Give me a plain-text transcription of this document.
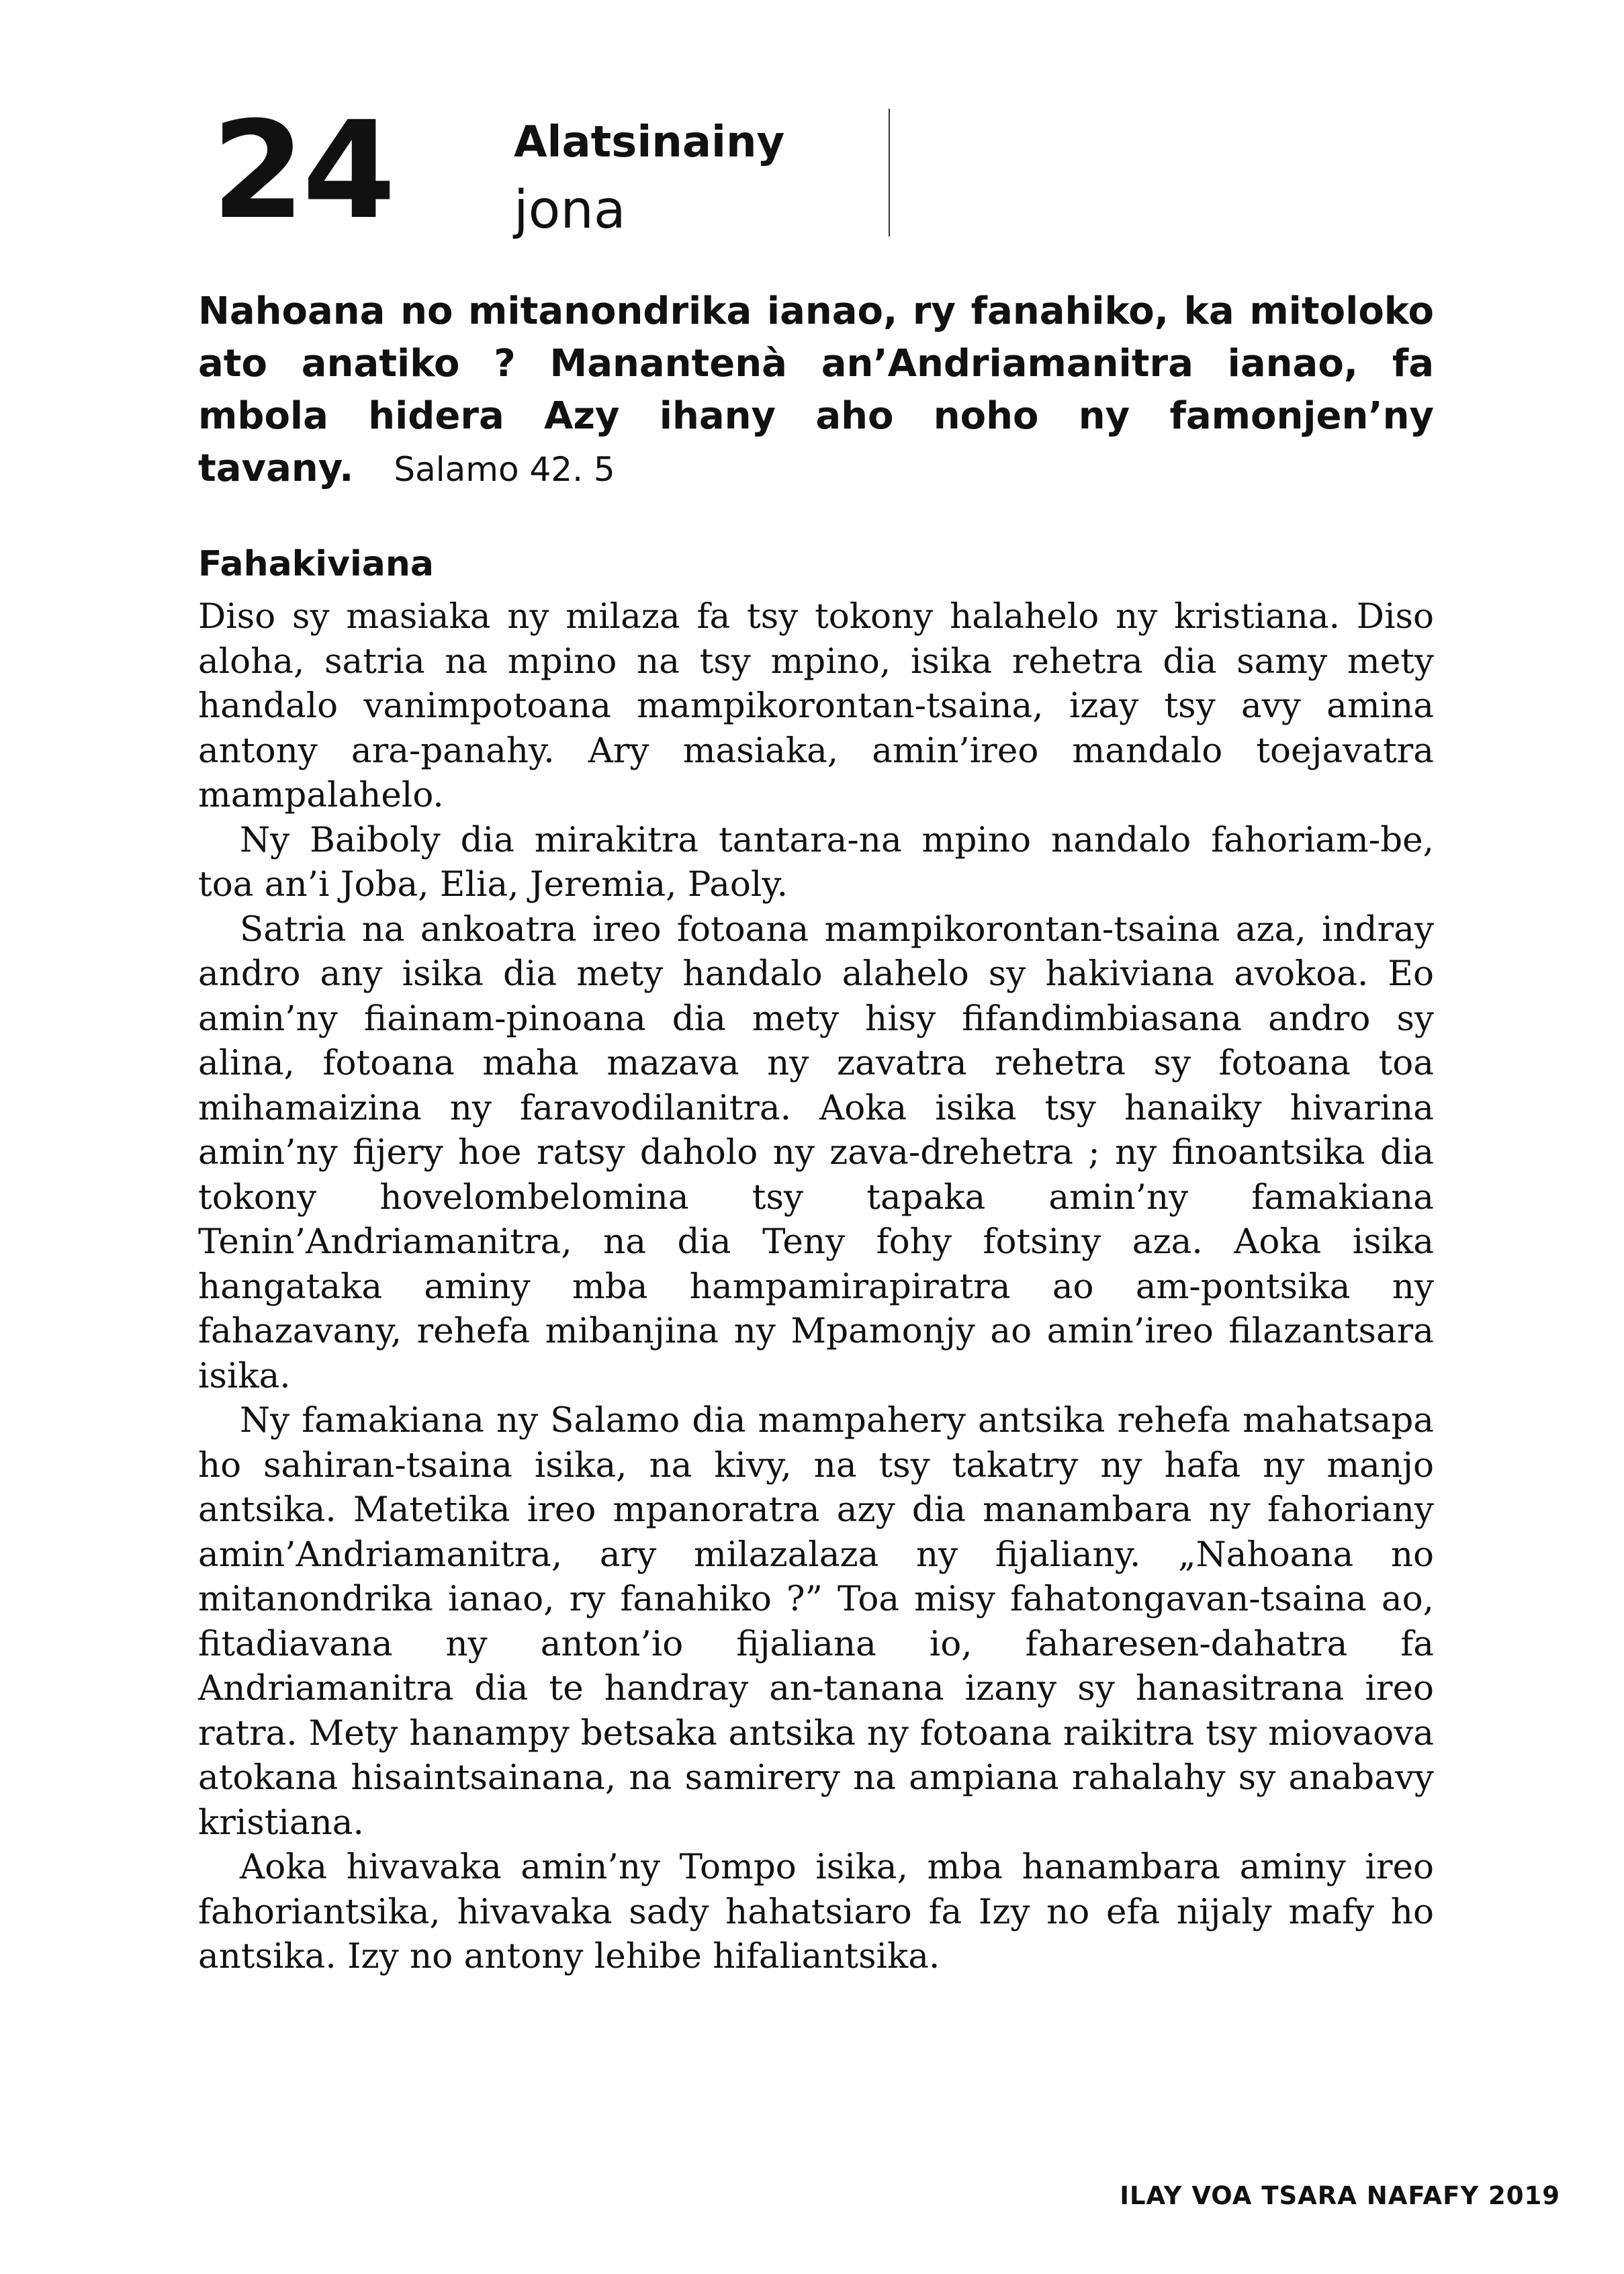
24	Alatsinainy
jona
Nahoana no mitanondrika ianao, ry fanahiko, ka mitoloko ato anatiko ? Manantenà an’Andriamanitra ianao, fa mbola hidera Azy ihany aho noho ny famonjen’ny tavany. Salamo 42. 5
Fahakiviana

Diso sy masiaka ny milaza fa tsy tokony halahelo ny kristiana. Diso aloha, satria na mpino na tsy mpino, isika rehetra dia samy mety handalo vanimpotoana mampikorontan-tsaina, izay tsy avy amina antony ara-panahy. Ary masiaka, amin’ireo mandalo toejavatra mampalahelo.

Ny Baiboly dia mirakitra tantara-na mpino nandalo fahoriam-be, toa an’i Joba, Elia, Jeremia, Paoly.

Satria na ankoatra ireo fotoana mampikorontan-tsaina aza, indray andro any isika dia mety handalo alahelo sy hakiviana avokoa. Eo amin’ny fiainam-pinoana dia mety hisy fifandimbiasana andro sy alina, fotoana maha mazava ny zavatra rehetra sy fotoana toa mihamaizina ny faravodilanitra. Aoka isika tsy hanaiky hivarina amin’ny fijery hoe ratsy daholo ny zava-drehetra ; ny finoantsika dia tokony hovelombelomina tsy tapaka amin’ny famakiana Tenin’Andriamanitra, na dia Teny fohy fotsiny aza. Aoka isika hangataka aminy mba hampamirapiratra ao am-pontsika ny fahazavany, rehefa mibanjina ny Mpamonjy ao amin’ireo filazantsara isika.

Ny famakiana ny Salamo dia mampahery antsika rehefa mahatsapa ho sahiran-tsaina isika, na kivy, na tsy takatry ny hafa ny manjo antsika. Matetika ireo mpanoratra azy dia manambara ny fahoriany amin’Andriamanitra, ary milazalaza ny fijaliany. „Nahoana no mitanondrika ianao, ry fanahiko ?” Toa misy fahatongavan-tsaina ao, fitadiavana ny anton’io fijaliana io, faharesen-dahatra fa Andriamanitra dia te handray an-tanana izany sy hanasitrana ireo ratra. Mety hanampy betsaka antsika ny fotoana raikitra tsy miovaova atokana hisaintsainana, na samirery na ampiana rahalahy sy anabavy kristiana.

Aoka hivavaka amin’ny Tompo isika, mba hanambara aminy ireo fahoriantsika, hivavaka sady hahatsiaro fa Izy no efa nijaly mafy ho antsika. Izy no antony lehibe hifaliantsika.

ILAY VOA TSARA NAFAFY 2019
